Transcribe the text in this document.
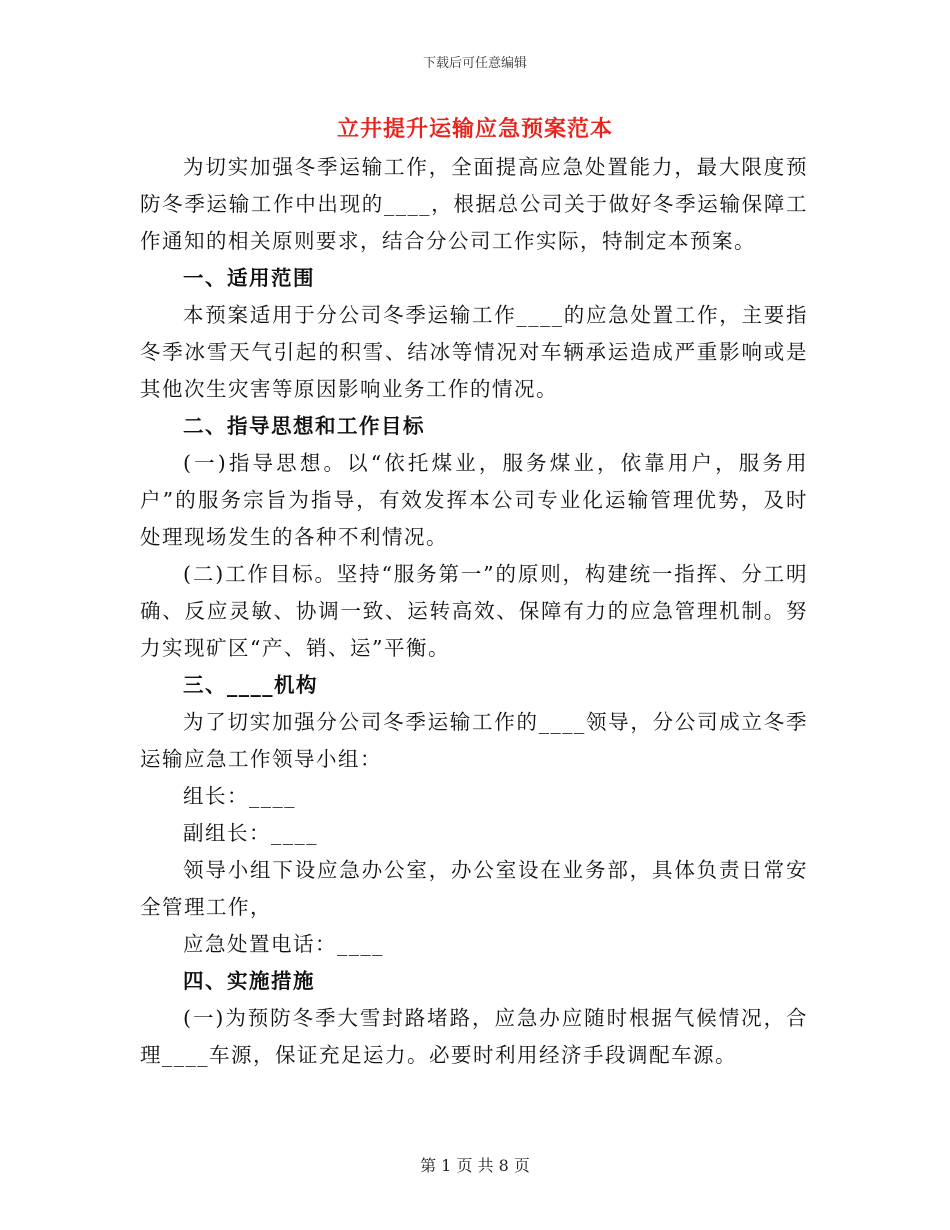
下载后可任意编辑
立井提升运输应急预案范本

为切实加强冬季运输工作，全面提高应急处置能力，最大限度预防冬季运输工作中出现的____，根据总公司关于做好冬季运输保障工作通知的相关原则要求，结合分公司工作实际，特制定本预案。

一、适用范围

本预案适用于分公司冬季运输工作____的应急处置工作，主要指冬季冰雪天气引起的积雪、结冰等情况对车辆承运造成严重影响或是其他次生灾害等原因影响业务工作的情况。

二、指导思想和工作目标

(一)指导思想。以“依托煤业，服务煤业，依靠用户，服务用户”的服务宗旨为指导，有效发挥本公司专业化运输管理优势，及时处理现场发生的各种不利情况。

(二)工作目标。坚持“服务第一”的原则，构建统一指挥、分工明确、反应灵敏、协调一致、运转高效、保障有力的应急管理机制。努力实现矿区“产、销、运”平衡。

三、____机构

为了切实加强分公司冬季运输工作的____领导，分公司成立冬季运输应急工作领导小组：

组长：____

副组长：____

领导小组下设应急办公室，办公室设在业务部，具体负责日常安全管理工作，

应急处置电话：____

四、实施措施

(一)为预防冬季大雪封路堵路，应急办应随时根据气候情况，合理____车源，保证充足运力。必要时利用经济手段调配车源。

第 1 页 共 8 页
